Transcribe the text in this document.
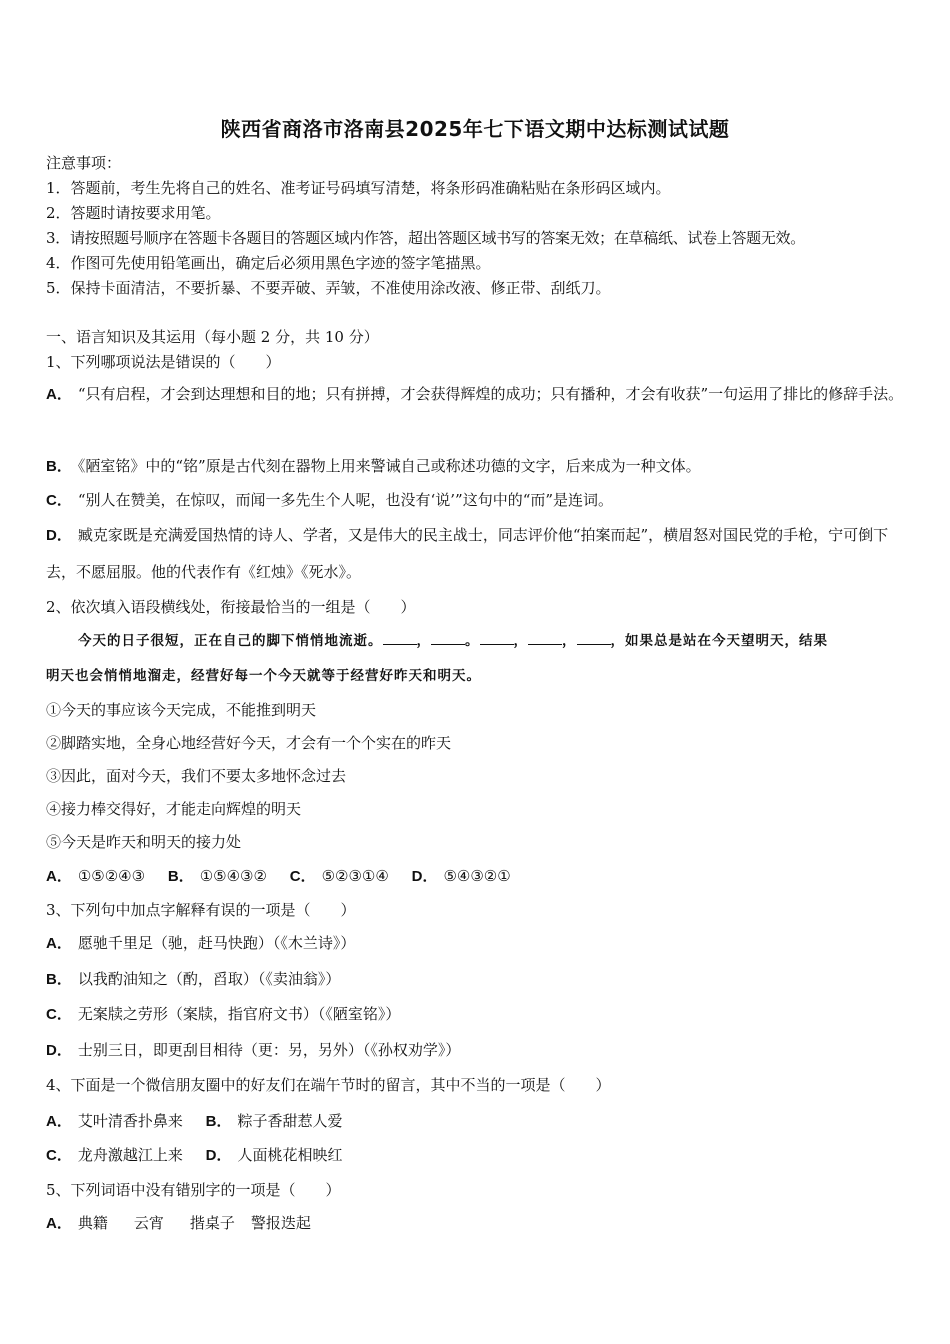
陕西省商洛市洛南县2025年七下语文期中达标测试试题
注意事项：
1．答题前，考生先将自己的姓名、准考证号码填写清楚，将条形码准确粘贴在条形码区域内。
2．答题时请按要求用笔。
3．请按照题号顺序在答题卡各题目的答题区域内作答，超出答题区域书写的答案无效；在草稿纸、试卷上答题无效。
4．作图可先使用铅笔画出，确定后必须用黑色字迹的签字笔描黑。
5．保持卡面清洁，不要折暴、不要弄破、弄皱，不准使用涂改液、修正带、刮纸刀。
一、语言知识及其运用（每小题 2 分，共 10 分）
1、下列哪项说法是错误的（　　）
A． “只有启程，才会到达理想和目的地；只有拼搏，才会获得辉煌的成功；只有播种，才会有收获”一句运用了排比的修辞手法。
B． 《陋室铭》中的“铭”原是古代刻在器物上用来警诫自己或称述功德的文字，后来成为一种文体。
C． “别人在赞美，在惊叹，而闻一多先生个人呢，也没有‘说’”这句中的“而”是连词。
D． 臧克家既是充满爱国热情的诗人、学者，又是伟大的民主战士，同志评价他“拍案而起”，横眉怒对国民党的手枪，宁可倒下去，不愿屈服。他的代表作有《红烛》《死水》。
2、依次填入语段横线处，衔接最恰当的一组是（　　）
今天的日子很短，正在自己的脚下悄悄地流逝。	，	。	，	，	，如果总是站在今天望明天，结果
明天也会悄悄地溜走，经营好每一个今天就等于经营好昨天和明天。
①今天的事应该今天完成，不能推到明天
②脚踏实地，全身心地经营好今天，才会有一个个实在的昨天
③因此，面对今天，我们不要太多地怀念过去
④接力棒交得好，才能走向辉煌的明天
⑤今天是昨天和明天的接力处
A． ①⑤②④③ B． ①⑤④③② C． ⑤②③①④ D． ⑤④③②①
3、下列句中加点字解释有误的一项是（　　）
A． 愿驰千里足（驰，赶马快跑）（《木兰诗》）
B． 以我酌油知之（酌，舀取）（《卖油翁》）
C． 无案牍之劳形（案牍，指官府文书）（《陋室铭》）
D． 士别三日，即更刮目相待（更：另，另外）（《孙权劝学》）
4、下面是一个微信朋友圈中的好友们在端午节时的留言，其中不当的一项是（　　）
A． 艾叶清香扑鼻来 B． 粽子香甜惹人爱
C． 龙舟激越江上来 D． 人面桃花相映红
5、下列词语中没有错别字的一项是（　　）
A． 典籍 云宵 揩桌子 警报迭起
